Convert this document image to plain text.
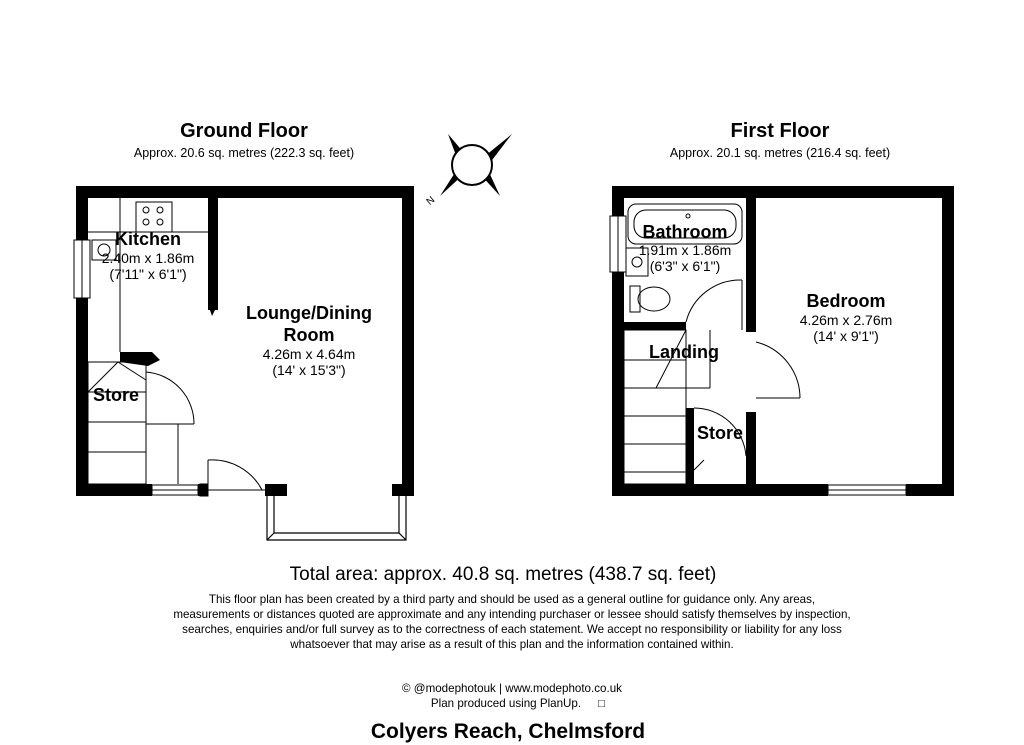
Ground Floor
Approx. 20.6 sq. metres (222.3 sq. feet)
Kitchen
2.40m x 1.86m
(7'11" x 6'1")
Lounge/Dining
Room
4.26m x 4.64m
(14' x 15'3")
Store
N
First Floor
Approx. 20.1 sq. metres (216.4 sq. feet)
Bathroom
1.91m x 1.86m
(6'3" x 6'1")
Bedroom
4.26m x 2.76m
(14' x 9'1")
Landing
Store
Total area: approx. 40.8 sq. metres (438.7 sq. feet)
© @modephotouk | www.modephoto.co.uk
Plan produced using PlanUp. □
Colyers Reach, Chelmsford
This floor plan has been created by a third party and should be used as a general outline for guidance only. Any areas, measurements or distances quoted are approximate and any intending purchaser or lessee should satisfy themselves by inspection, searches, enquiries and/or full survey as to the correctness of each statement. We accept no responsibility or liability for any loss whatsoever that may arise as a result of this plan and the information contained within.
